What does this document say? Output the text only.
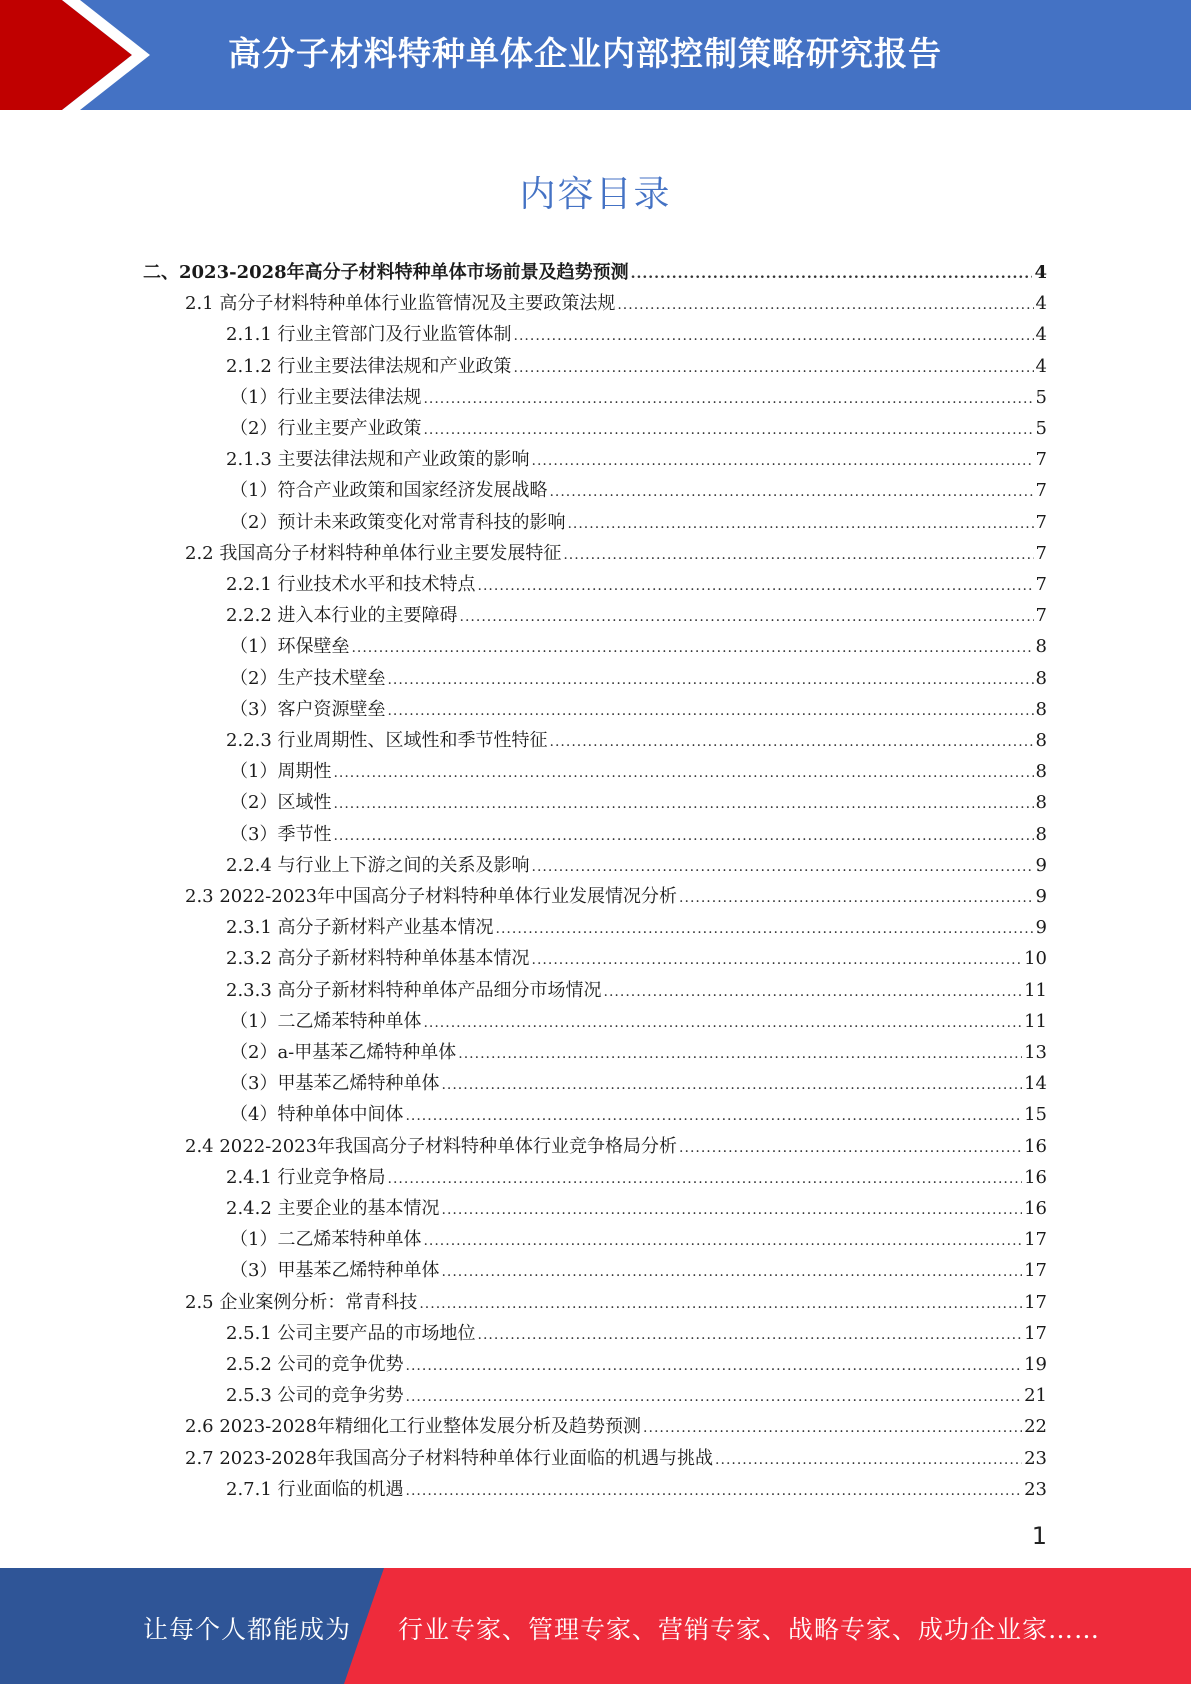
高分子材料特种单体企业内部控制策略研究报告
内容目录
二、2023-2028年高分子材料特种单体市场前景及趋势预测 .....	4
2.1 高分子材料特种单体行业监管情况及主要政策法规 .....	4
2.1.1 行业主管部门及行业监管体制 .....	4
2.1.2 行业主要法律法规和产业政策 .....	4
（1）行业主要法律法规 .....	5
（2）行业主要产业政策 .....	5
2.1.3 主要法律法规和产业政策的影响 .....	7
（1）符合产业政策和国家经济发展战略 .....	7
（2）预计未来政策变化对常青科技的影响 .....	7
2.2 我国高分子材料特种单体行业主要发展特征 .....	7
2.2.1 行业技术水平和技术特点 .....	7
2.2.2 进入本行业的主要障碍 .....	7
（1）环保壁垒 .....	8
（2）生产技术壁垒 .....	8
（3）客户资源壁垒 .....	8
2.2.3 行业周期性、区域性和季节性特征 .....	8
（1）周期性 .....	8
（2）区域性 .....	8
（3）季节性 .....	8
2.2.4 与行业上下游之间的关系及影响 .....	9
2.3 2022-2023年中国高分子材料特种单体行业发展情况分析 .....	9
2.3.1 高分子新材料产业基本情况 .....	9
2.3.2 高分子新材料特种单体基本情况 .....	10
2.3.3 高分子新材料特种单体产品细分市场情况 .....	11
（1）二乙烯苯特种单体 .....	11
（2）a-甲基苯乙烯特种单体 .....	13
（3）甲基苯乙烯特种单体 .....	14
（4）特种单体中间体 .....	15
2.4 2022-2023年我国高分子材料特种单体行业竞争格局分析 .....	16
2.4.1 行业竞争格局 .....	16
2.4.2 主要企业的基本情况 .....	16
（1）二乙烯苯特种单体 .....	17
（3）甲基苯乙烯特种单体 .....	17
2.5 企业案例分析：常青科技 .....	17
2.5.1 公司主要产品的市场地位 .....	17
2.5.2 公司的竞争优势 .....	19
2.5.3 公司的竞争劣势 .....	21
2.6 2023-2028年精细化工行业整体发展分析及趋势预测 .....	22
2.7 2023-2028年我国高分子材料特种单体行业面临的机遇与挑战 .....	23
2.7.1 行业面临的机遇 .....	23
1
让每个人都能成为 行业专家、管理专家、营销专家、战略专家、成功企业家……
